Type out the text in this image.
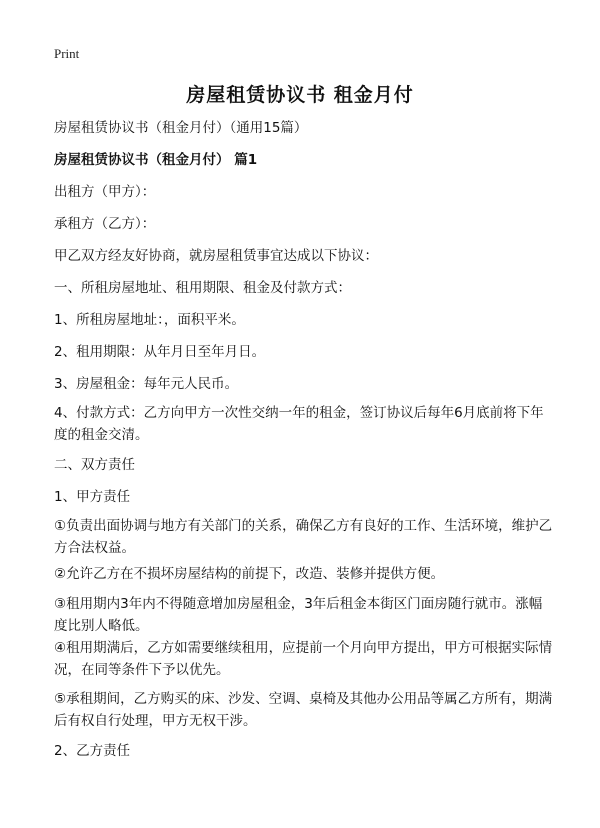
Print
房屋租赁协议书 租金月付
房屋租赁协议书（租金月付）（通用15篇）
房屋租赁协议书（租金月付） 篇1
出租方（甲方）：
承租方（乙方）：
甲乙双方经友好协商，就房屋租赁事宜达成以下协议：
一、所租房屋地址、租用期限、租金及付款方式：
1、所租房屋地址：，面积平米。
2、租用期限：从年月日至年月日。
3、房屋租金：每年元人民币。
4、付款方式：乙方向甲方一次性交纳一年的租金，签订协议后每年6月底前将下年度的租金交清。
二、双方责任
1、甲方责任
①负责出面协调与地方有关部门的关系，确保乙方有良好的工作、生活环境，维护乙方合法权益。
②允许乙方在不损坏房屋结构的前提下，改造、装修并提供方便。
③租用期内3年内不得随意增加房屋租金，3年后租金本街区门面房随行就市。涨幅度比别人略低。
④租用期满后，乙方如需要继续租用，应提前一个月向甲方提出，甲方可根据实际情况，在同等条件下予以优先。
⑤承租期间，乙方购买的床、沙发、空调、桌椅及其他办公用品等属乙方所有，期满后有权自行处理，甲方无权干涉。
2、乙方责任
